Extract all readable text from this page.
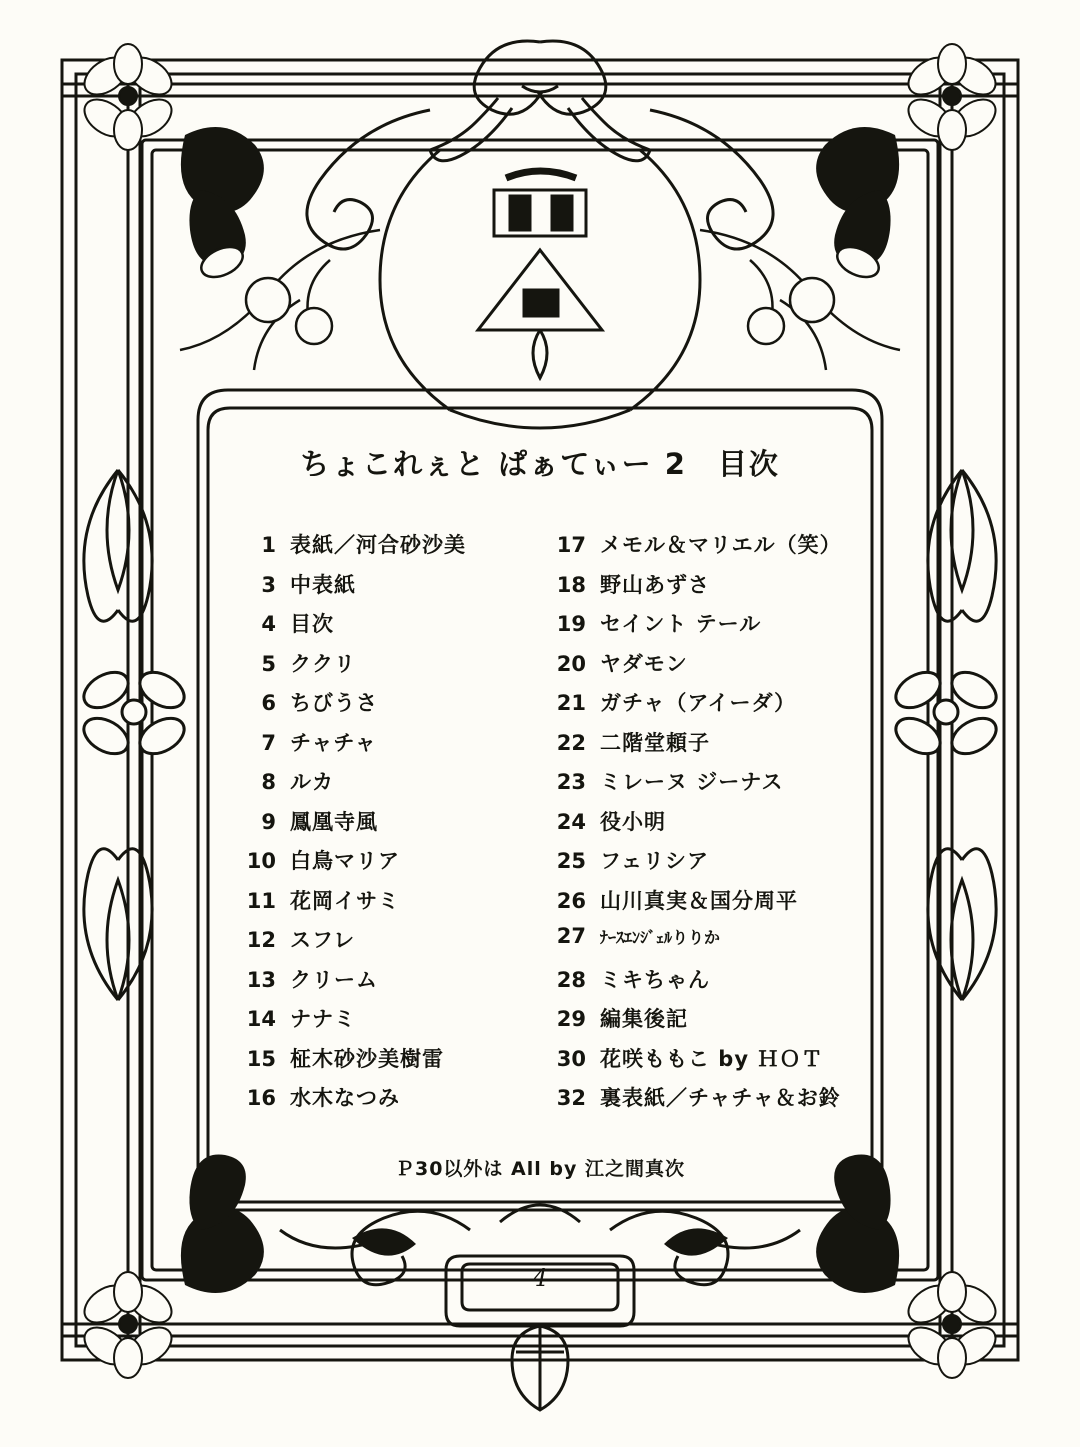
ちょこれぇと ぱぁてぃー 2　目次
1 表紙／河合砂沙美
3 中表紙
4 目次
5 ククリ
6 ちびうさ
7 チャチャ
8 ルカ
9 鳳凰寺風
10 白鳥マリア
11 花岡イサミ
12 スフレ
13 クリーム
14 ナナミ
15 柾木砂沙美樹雷
16 水木なつみ
17 メモル＆マリエル（笑）
18 野山あずさ
19 セイント テール
20 ヤダモン
21 ガチャ（アイーダ）
22 二階堂頼子
23 ミレーヌ ジーナス
24 役小明
25 フェリシア
26 山川真実＆国分周平
27 ﾅｰｽｴﾝｼﾞｪﾙりりか
28 ミキちゃん
29 編集後記
30 花咲ももこ by ＨＯＴ
32 裏表紙／チャチャ＆お鈴
Ｐ30以外は All by 江之間真次
4
